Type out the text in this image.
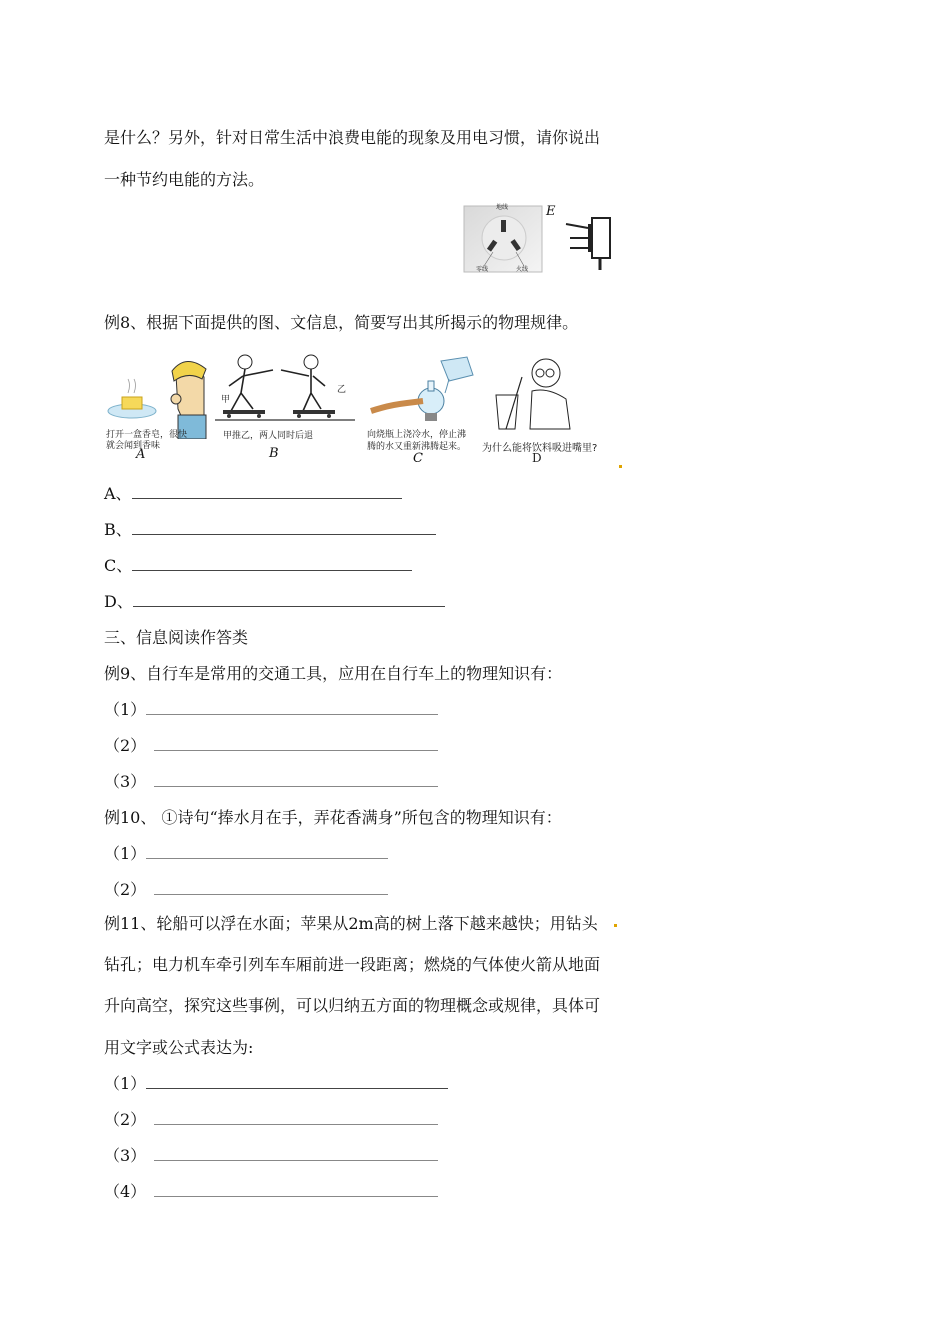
是什么？另外，针对日常生活中浪费电能的现象及用电习惯，请你说出
一种节约电能的方法。
地线
零线	火线
E
例8、根据下面提供的图、文信息，简要写出其所揭示的物理规律。
打开一盒香皂，很快
就会闻到香味
A
甲
乙
甲推乙，两人同时后退
B
向烧瓶上浇冷水，停止沸
腾的水又重新沸腾起来。
C
为什么能将饮料吸进嘴里?
D
A、
B、
C、
D、
三、信息阅读作答类
例9、自行车是常用的交通工具，应用在自行车上的物理知识有：
（1）
（2）
（3）
例10、 ①诗句“捧水月在手，弄花香满身”所包含的物理知识有：
（1）
（2）
例11、轮船可以浮在水面；苹果从2m高的树上落下越来越快；用钻头
钻孔；电力机车牵引列车车厢前进一段距离；燃烧的气体使火箭从地面
升向高空，探究这些事例，可以归纳五方面的物理概念或规律，具体可
用文字或公式表达为:
（1）
（2）
（3）
（4）
